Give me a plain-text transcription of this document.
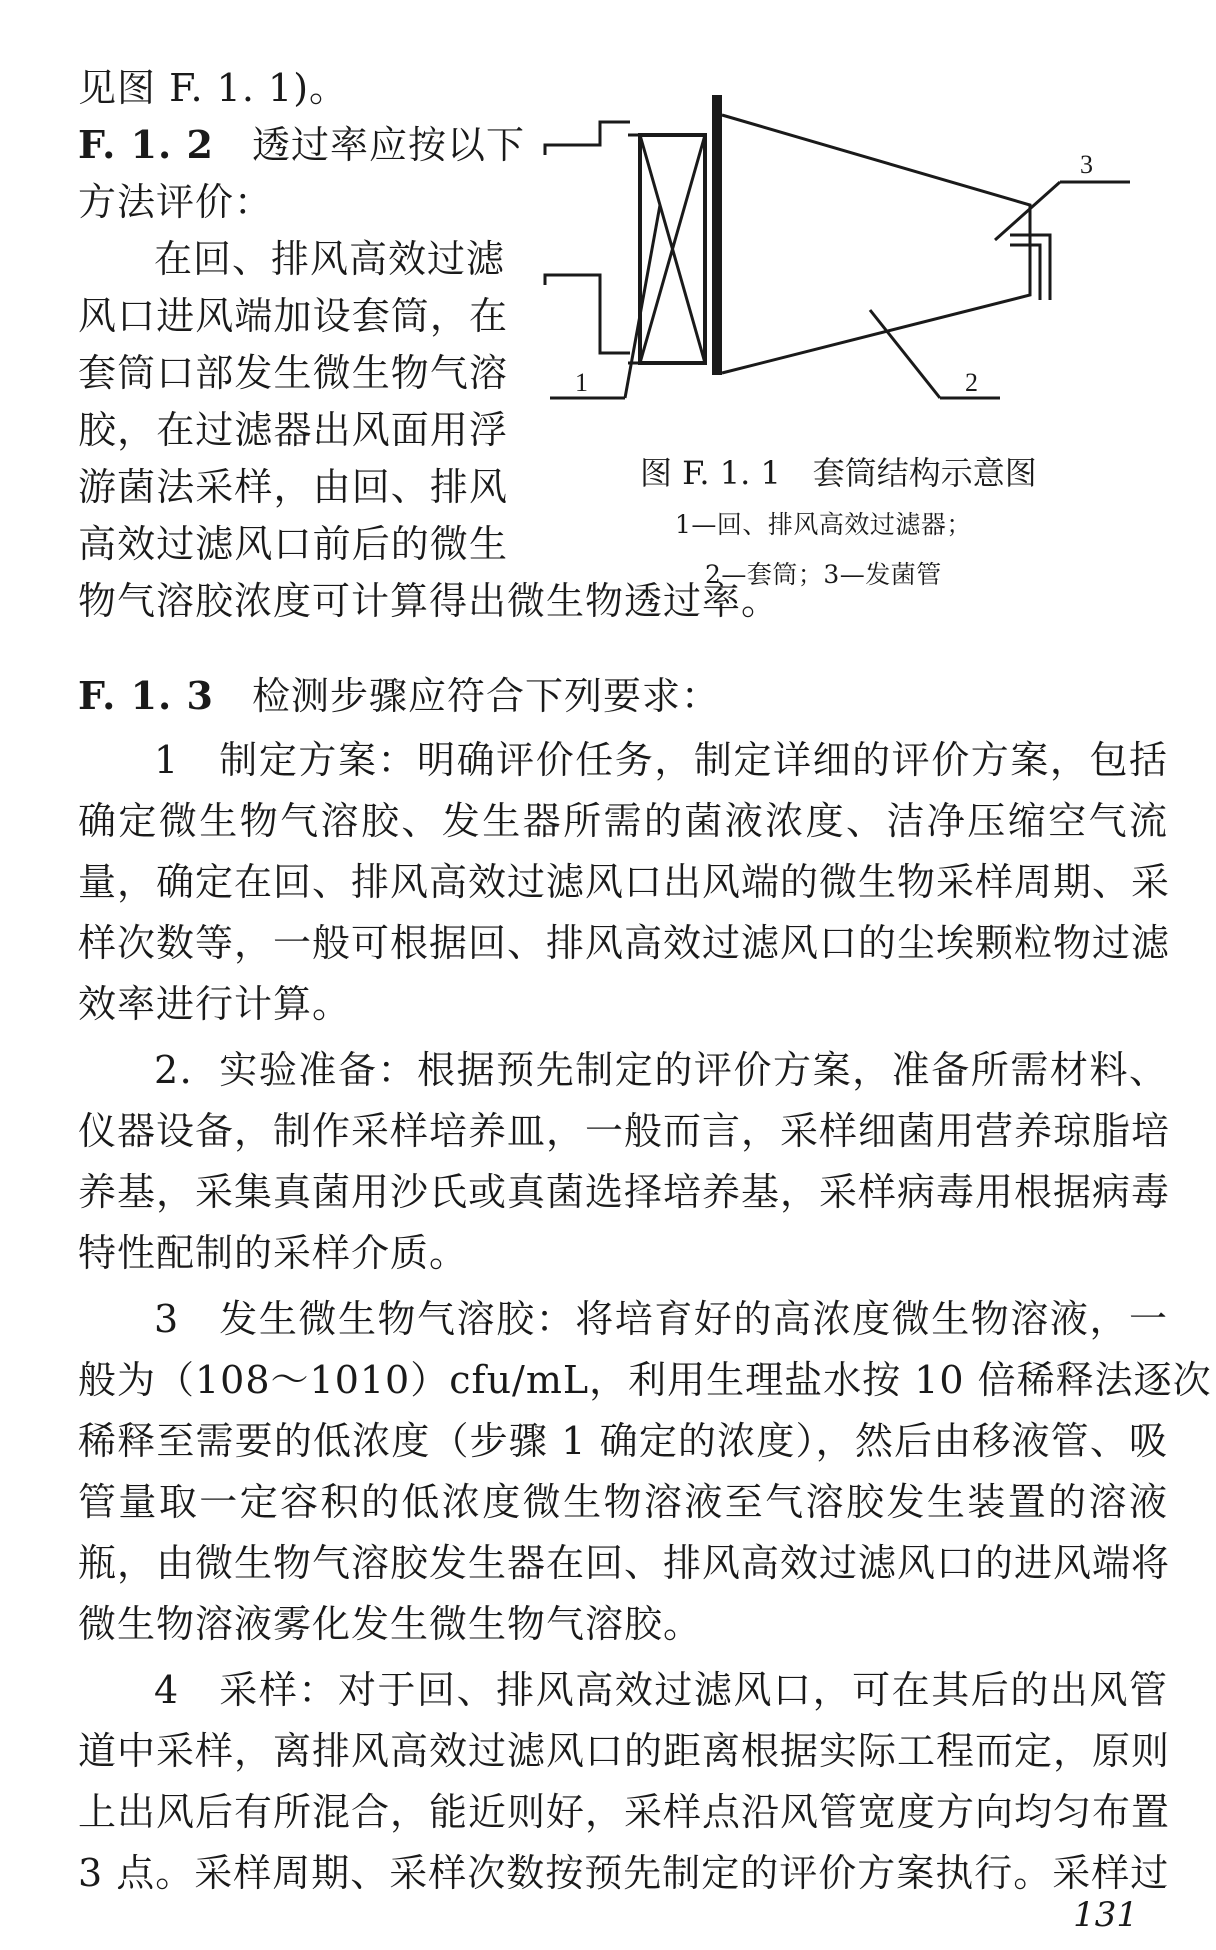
见图 F. 1. 1)。
F. 1. 2 透过率应按以下
方法评价：
在回、排风高效过滤
风口进风端加设套筒，在
套筒口部发生微生物气溶
胶，在过滤器出风面用浮
游菌法采样，由回、排风
高效过滤风口前后的微生
物气溶胶浓度可计算得出微生物透过率。
1	2
3
图 F. 1. 1　套筒结构示意图
1—回、排风高效过滤器；
2—套筒；3—发菌管
F. 1. 3 检测步骤应符合下列要求：
1　制定方案：明确评价任务，制定详细的评价方案，包括
确定微生物气溶胶、发生器所需的菌液浓度、洁净压缩空气流
量，确定在回、排风高效过滤风口出风端的微生物采样周期、采
样次数等，一般可根据回、排风高效过滤风口的尘埃颗粒物过滤
效率进行计算。
2．实验准备：根据预先制定的评价方案，准备所需材料、
仪器设备，制作采样培养皿，一般而言，采样细菌用营养琼脂培
养基，采集真菌用沙氏或真菌选择培养基，采样病毒用根据病毒
特性配制的采样介质。
3　发生微生物气溶胶：将培育好的高浓度微生物溶液，一
般为（108～1010）cfu/mL，利用生理盐水按 10 倍稀释法逐次
稀释至需要的低浓度（步骤 1 确定的浓度），然后由移液管、吸
管量取一定容积的低浓度微生物溶液至气溶胶发生装置的溶液
瓶，由微生物气溶胶发生器在回、排风高效过滤风口的进风端将
微生物溶液雾化发生微生物气溶胶。
4　采样：对于回、排风高效过滤风口，可在其后的出风管
道中采样，离排风高效过滤风口的距离根据实际工程而定，原则
上出风后有所混合，能近则好，采样点沿风管宽度方向均匀布置
3 点。采样周期、采样次数按预先制定的评价方案执行。采样过
131
